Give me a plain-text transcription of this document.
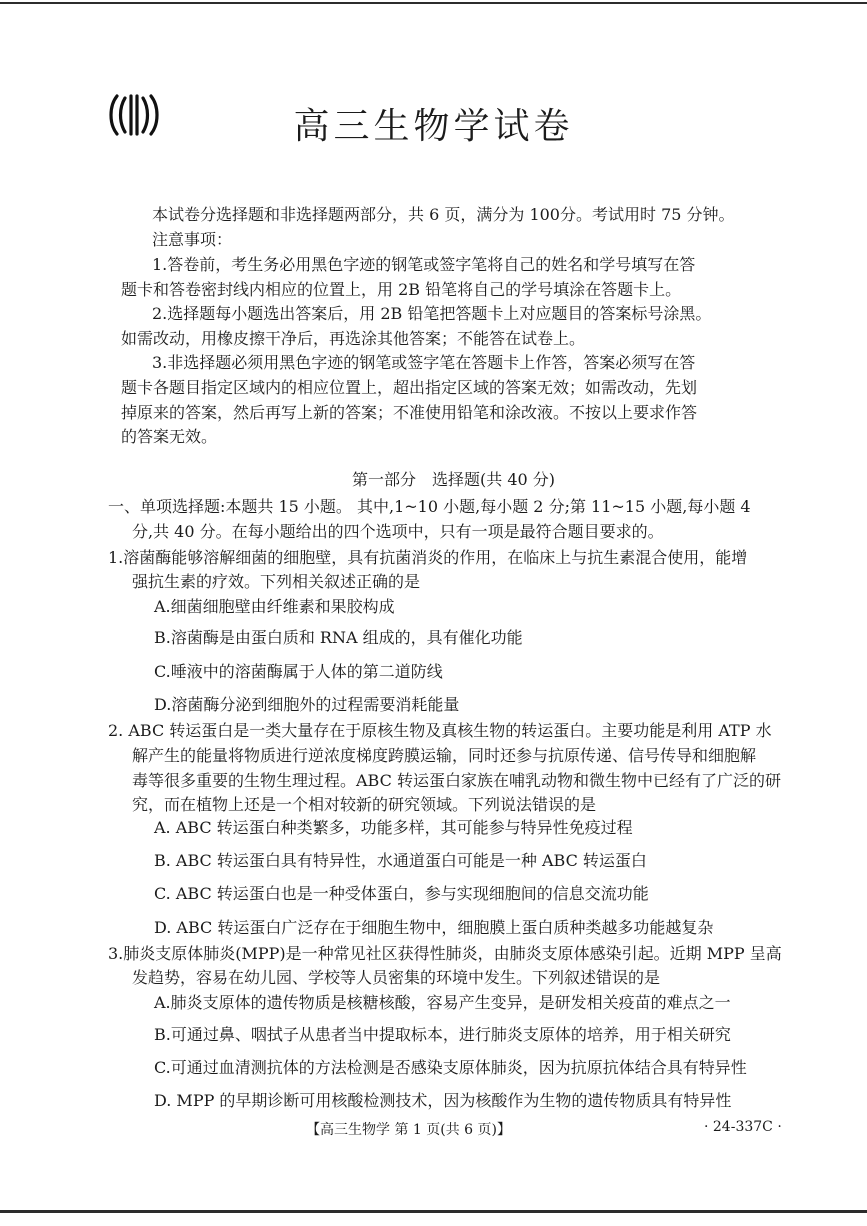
高三生物学试卷
本试卷分选择题和非选择题两部分，共 6 页，满分为 100分。考试用时 75 分钟。
注意事项：
1.答卷前，考生务必用黑色字迹的钢笔或签字笔将自己的姓名和学号填写在答
题卡和答卷密封线内相应的位置上，用 2B 铅笔将自己的学号填涂在答题卡上。
2.选择题每小题选出答案后，用 2B 铅笔把答题卡上对应题目的答案标号涂黑。
如需改动，用橡皮擦干净后，再选涂其他答案；不能答在试卷上。
3.非选择题必须用黑色字迹的钢笔或签字笔在答题卡上作答，答案必须写在答
题卡各题目指定区域内的相应位置上，超出指定区域的答案无效；如需改动，先划
掉原来的答案，然后再写上新的答案；不准使用铅笔和涂改液。不按以上要求作答
的答案无效。
第一部分　选择题(共 40 分)
一、单项选择题:本题共 15 小题。 其中,1~10 小题,每小题 2 分;第 11~15 小题,每小题 4
分,共 40 分。在每小题给出的四个选项中，只有一项是最符合题目要求的。
1.溶菌酶能够溶解细菌的细胞壁，具有抗菌消炎的作用，在临床上与抗生素混合使用，能增
强抗生素的疗效。下列相关叙述正确的是
A.细菌细胞壁由纤维素和果胶构成
B.溶菌酶是由蛋白质和 RNA 组成的，具有催化功能
C.唾液中的溶菌酶属于人体的第二道防线
D.溶菌酶分泌到细胞外的过程需要消耗能量
2. ABC 转运蛋白是一类大量存在于原核生物及真核生物的转运蛋白。主要功能是利用 ATP 水
解产生的能量将物质进行逆浓度梯度跨膜运输，同时还参与抗原传递、信号传导和细胞解
毒等很多重要的生物生理过程。ABC 转运蛋白家族在哺乳动物和微生物中已经有了广泛的研
究，而在植物上还是一个相对较新的研究领域。下列说法错误的是
A. ABC 转运蛋白种类繁多，功能多样，其可能参与特异性免疫过程
B. ABC 转运蛋白具有特异性，水通道蛋白可能是一种 ABC 转运蛋白
C. ABC 转运蛋白也是一种受体蛋白，参与实现细胞间的信息交流功能
D. ABC 转运蛋白广泛存在于细胞生物中，细胞膜上蛋白质种类越多功能越复杂
3.肺炎支原体肺炎(MPP)是一种常见社区获得性肺炎，由肺炎支原体感染引起。近期 MPP 呈高
发趋势，容易在幼儿园、学校等人员密集的环境中发生。下列叙述错误的是
A.肺炎支原体的遗传物质是核糖核酸，容易产生变异，是研发相关疫苗的难点之一
B.可通过鼻、咽拭子从患者当中提取标本，进行肺炎支原体的培养，用于相关研究
C.可通过血清测抗体的方法检测是否感染支原体肺炎，因为抗原抗体结合具有特异性
D. MPP 的早期诊断可用核酸检测技术，因为核酸作为生物的遗传物质具有特异性
【高三生物学 第 1 页(共 6 页)】	· 24-337C ·
